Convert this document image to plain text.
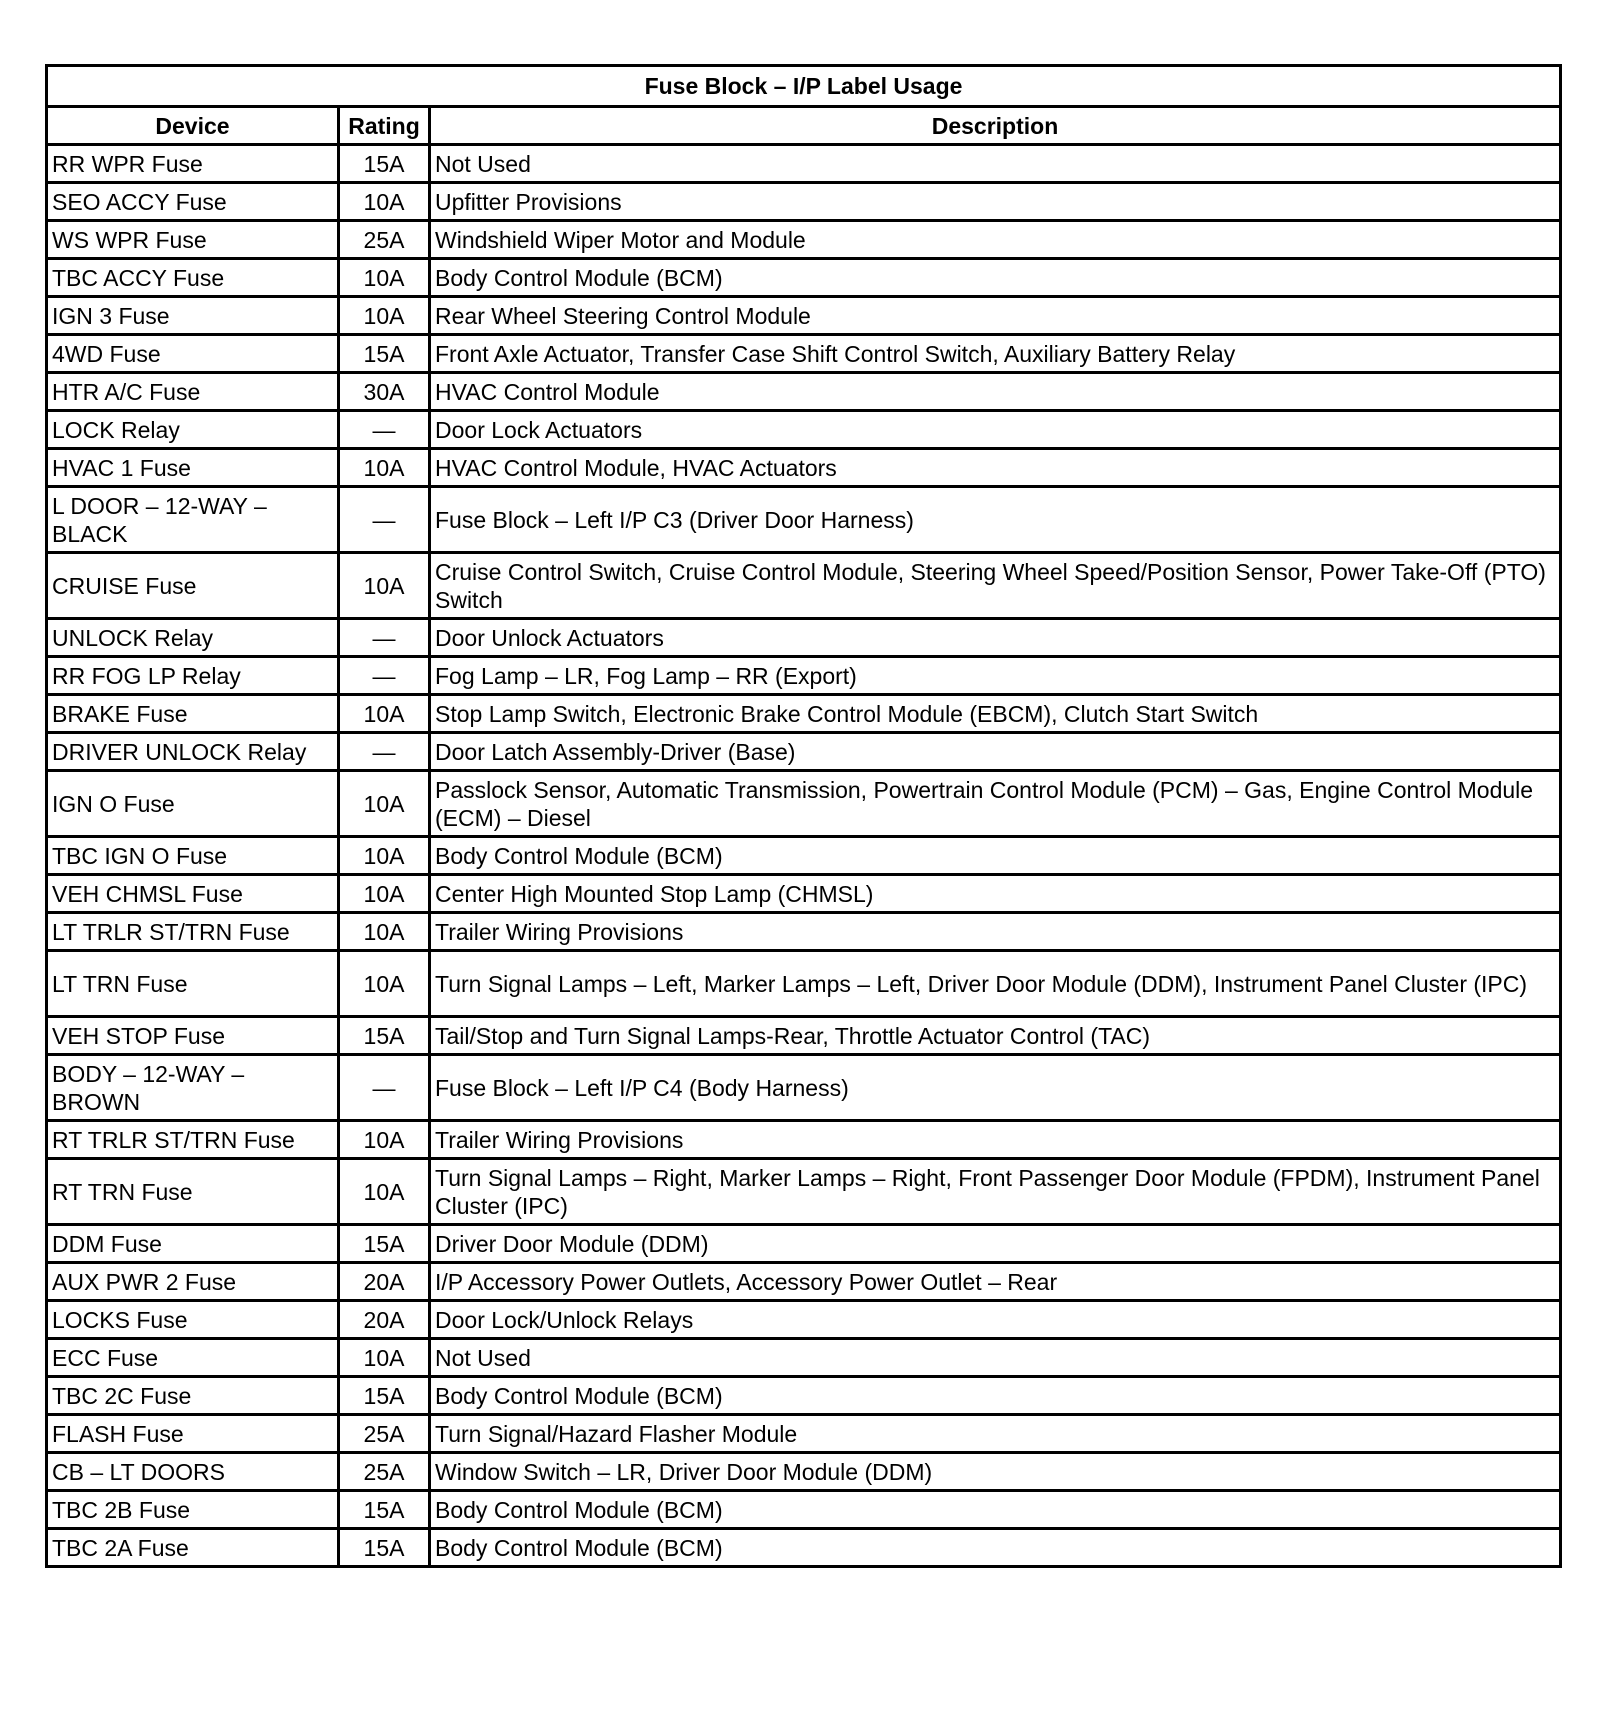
Fuse Block – I/P Label Usage		
Device	Rating	Description
RR WPR Fuse	15A	Not Used
SEO ACCY Fuse	10A	Upfitter Provisions
WS WPR Fuse	25A	Windshield Wiper Motor and Module
TBC ACCY Fuse	10A	Body Control Module (BCM)
IGN 3 Fuse	10A	Rear Wheel Steering Control Module
4WD Fuse	15A	Front Axle Actuator, Transfer Case Shift Control Switch, Auxiliary Battery Relay
HTR A/C Fuse	30A	HVAC Control Module
LOCK Relay	—	Door Lock Actuators
HVAC 1 Fuse	10A	HVAC Control Module, HVAC Actuators
L DOOR – 12-WAY – BLACK	—	Fuse Block – Left I/P C3 (Driver Door Harness)
CRUISE Fuse	10A	Cruise Control Switch, Cruise Control Module, Steering Wheel Speed/Position Sensor, Power Take-Off (PTO) Switch
UNLOCK Relay	—	Door Unlock Actuators
RR FOG LP Relay	—	Fog Lamp – LR, Fog Lamp – RR (Export)
BRAKE Fuse	10A	Stop Lamp Switch, Electronic Brake Control Module (EBCM), Clutch Start Switch
DRIVER UNLOCK Relay	—	Door Latch Assembly-Driver (Base)
IGN O Fuse	10A	Passlock Sensor, Automatic Transmission, Powertrain Control Module (PCM) – Gas, Engine Control Module (ECM) – Diesel
TBC IGN O Fuse	10A	Body Control Module (BCM)
VEH CHMSL Fuse	10A	Center High Mounted Stop Lamp (CHMSL)
LT TRLR ST/TRN Fuse	10A	Trailer Wiring Provisions
LT TRN Fuse	10A	Turn Signal Lamps – Left, Marker Lamps – Left, Driver Door Module (DDM), Instrument Panel Cluster (IPC)
VEH STOP Fuse	15A	Tail/Stop and Turn Signal Lamps-Rear, Throttle Actuator Control (TAC)
BODY – 12-WAY – BROWN	—	Fuse Block – Left I/P C4 (Body Harness)
RT TRLR ST/TRN Fuse	10A	Trailer Wiring Provisions
RT TRN Fuse	10A	Turn Signal Lamps – Right, Marker Lamps – Right, Front Passenger Door Module (FPDM), Instrument Panel Cluster (IPC)
DDM Fuse	15A	Driver Door Module (DDM)
AUX PWR 2 Fuse	20A	I/P Accessory Power Outlets, Accessory Power Outlet – Rear
LOCKS Fuse	20A	Door Lock/Unlock Relays
ECC Fuse	10A	Not Used
TBC 2C Fuse	15A	Body Control Module (BCM)
FLASH Fuse	25A	Turn Signal/Hazard Flasher Module
CB – LT DOORS	25A	Window Switch – LR, Driver Door Module (DDM)
TBC 2B Fuse	15A	Body Control Module (BCM)
TBC 2A Fuse	15A	Body Control Module (BCM)
